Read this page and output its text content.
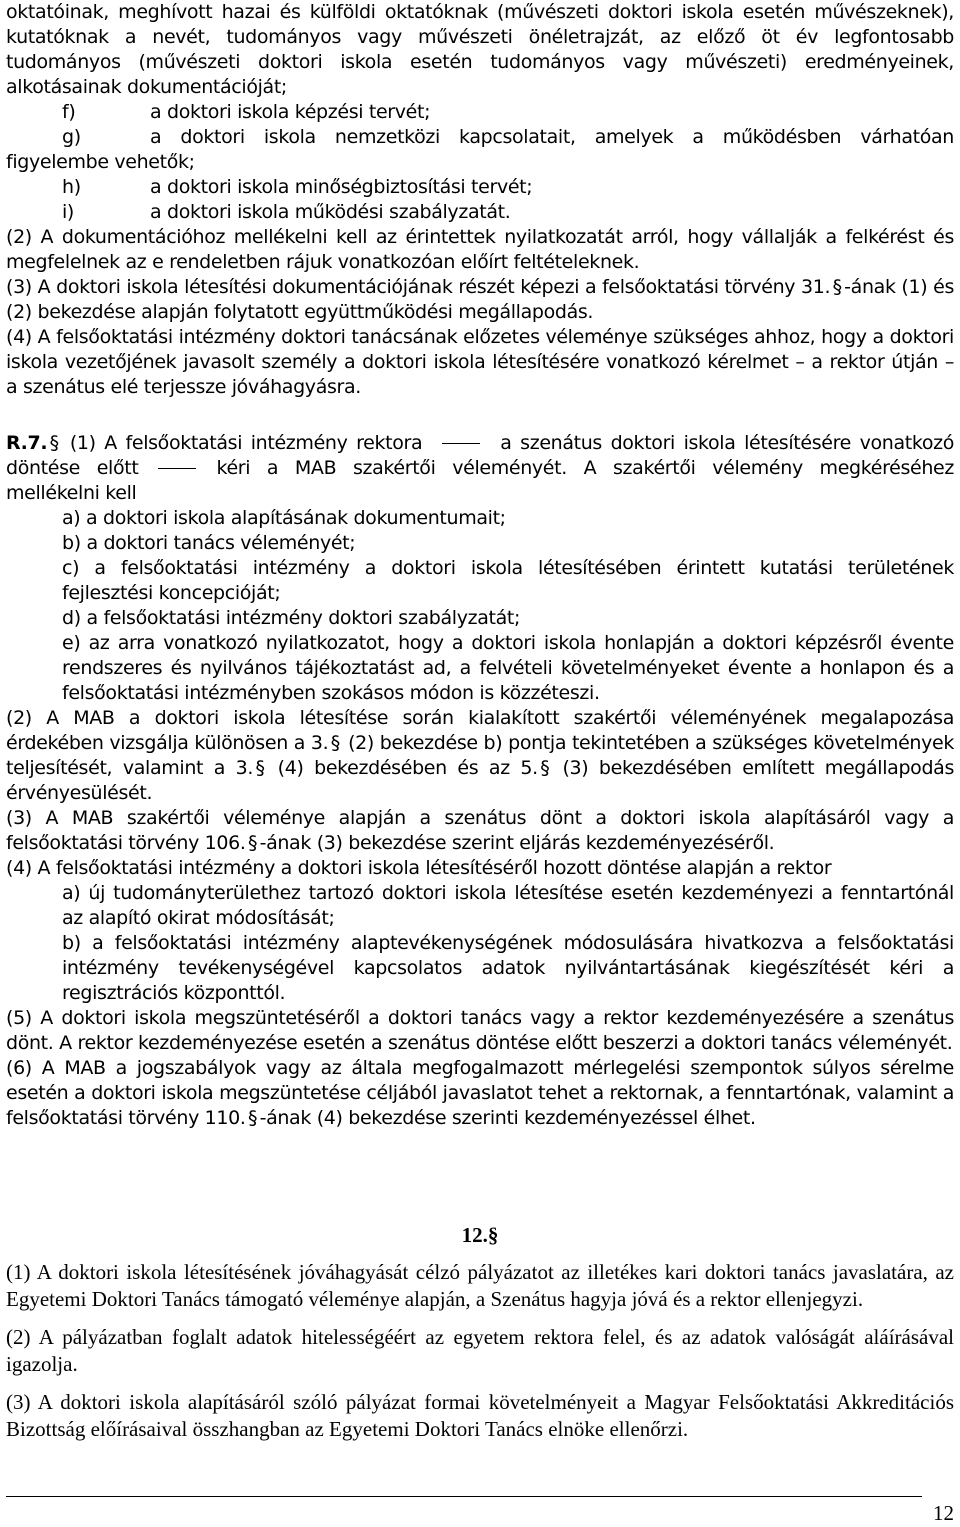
oktatóinak, meghívott hazai és külföldi oktatóknak (művészeti doktori iskola esetén művészeknek), kutatóknak a nevét, tudományos vagy művészeti önéletrajzát, az előző öt év legfontosabb tudományos (művészeti doktori iskola esetén tudományos vagy művészeti) eredményeinek, alkotásainak dokumentációját;

f)	a doktori iskola képzési tervét;

g)	a doktori iskola nemzetközi kapcsolatait, amelyek a működésben várhatóan figyelembe vehetők;

h)	a doktori iskola minőségbiztosítási tervét;
i)	a doktori iskola működési szabályzatát.

(2) A dokumentációhoz mellékelni kell az érintettek nyilatkozatát arról, hogy vállalják a felkérést és megfelelnek az e rendeletben rájuk vonatkozóan előírt feltételeknek.

(3) A doktori iskola létesítési dokumentációjának részét képezi a felsőoktatási törvény 31. § -ának (1) és (2) bekezdése alapján folytatott együttműködési megállapodás.

(4) A felsőoktatási intézmény doktori tanácsának előzetes véleménye szükséges ahhoz, hogy a doktori iskola vezetőjének javasolt személy a doktori iskola létesítésére vonatkozó kérelmet – a rektor útján – a szenátus elé terjessze jóváhagyásra.

R.7. § (1) A felsőoktatási intézmény rektora	a szenátus doktori iskola létesítésére vonatkozó döntése előtt	kéri a MAB szakértői véleményét. A szakértői vélemény megkéréséhez mellékelni kell

a) a doktori iskola alapításának dokumentumait;

b) a doktori tanács véleményét;

c) a felsőoktatási intézmény a doktori iskola létesítésében érintett kutatási területének fejlesztési koncepcióját;

d) a felsőoktatási intézmény doktori szabályzatát;

e) az arra vonatkozó nyilatkozatot, hogy a doktori iskola honlapján a doktori képzésről évente rendszeres és nyilvános tájékoztatást ad, a felvételi követelményeket évente a honlapon és a felsőoktatási intézményben szokásos módon is közzéteszi.

(2) A MAB a doktori iskola létesítése során kialakított szakértői véleményének megalapozása érdekében vizsgálja különösen a 3. § (2) bekezdése b) pontja tekintetében a szükséges követelmények teljesítését, valamint a 3. § (4) bekezdésében és az 5. § (3) bekezdésében említett megállapodás érvényesülését.

(3) A MAB szakértői véleménye alapján a szenátus dönt a doktori iskola alapításáról vagy a felsőoktatási törvény 106. § -ának (3) bekezdése szerint eljárás kezdeményezéséről.

(4) A felsőoktatási intézmény a doktori iskola létesítéséről hozott döntése alapján a rektor

a) új tudományterülethez tartozó doktori iskola létesítése esetén kezdeményezi a fenntartónál az alapító okirat módosítását;

b) a felsőoktatási intézmény alaptevékenységének módosulására hivatkozva a felsőoktatási intézmény tevékenységével kapcsolatos adatok nyilvántartásának kiegészítését kéri a regisztrációs központtól.

(5) A doktori iskola megszüntetéséről a doktori tanács vagy a rektor kezdeményezésére a szenátus dönt. A rektor kezdeményezése esetén a szenátus döntése előtt beszerzi a doktori tanács véleményét.

(6) A MAB a jogszabályok vagy az általa megfogalmazott mérlegelési szempontok súlyos sérelme esetén a doktori iskola megszüntetése céljából javaslatot tehet a rektornak, a fenntartónak, valamint a felsőoktatási törvény 110. § -ának (4) bekezdése szerinti kezdeményezéssel élhet.

12.§

(1) A doktori iskola létesítésének jóváhagyását célzó pályázatot az illetékes kari doktori tanács javaslatára, az Egyetemi Doktori Tanács támogató véleménye alapján, a Szenátus hagyja jóvá és a rektor ellenjegyzi.

(2) A pályázatban foglalt adatok hitelességéért az egyetem rektora felel, és az adatok valóságát aláírásával igazolja.

(3) A doktori iskola alapításáról szóló pályázat formai követelményeit a Magyar Felsőoktatási Akkreditációs Bizottság előírásaival összhangban az Egyetemi Doktori Tanács elnöke ellenőrzi.

12
